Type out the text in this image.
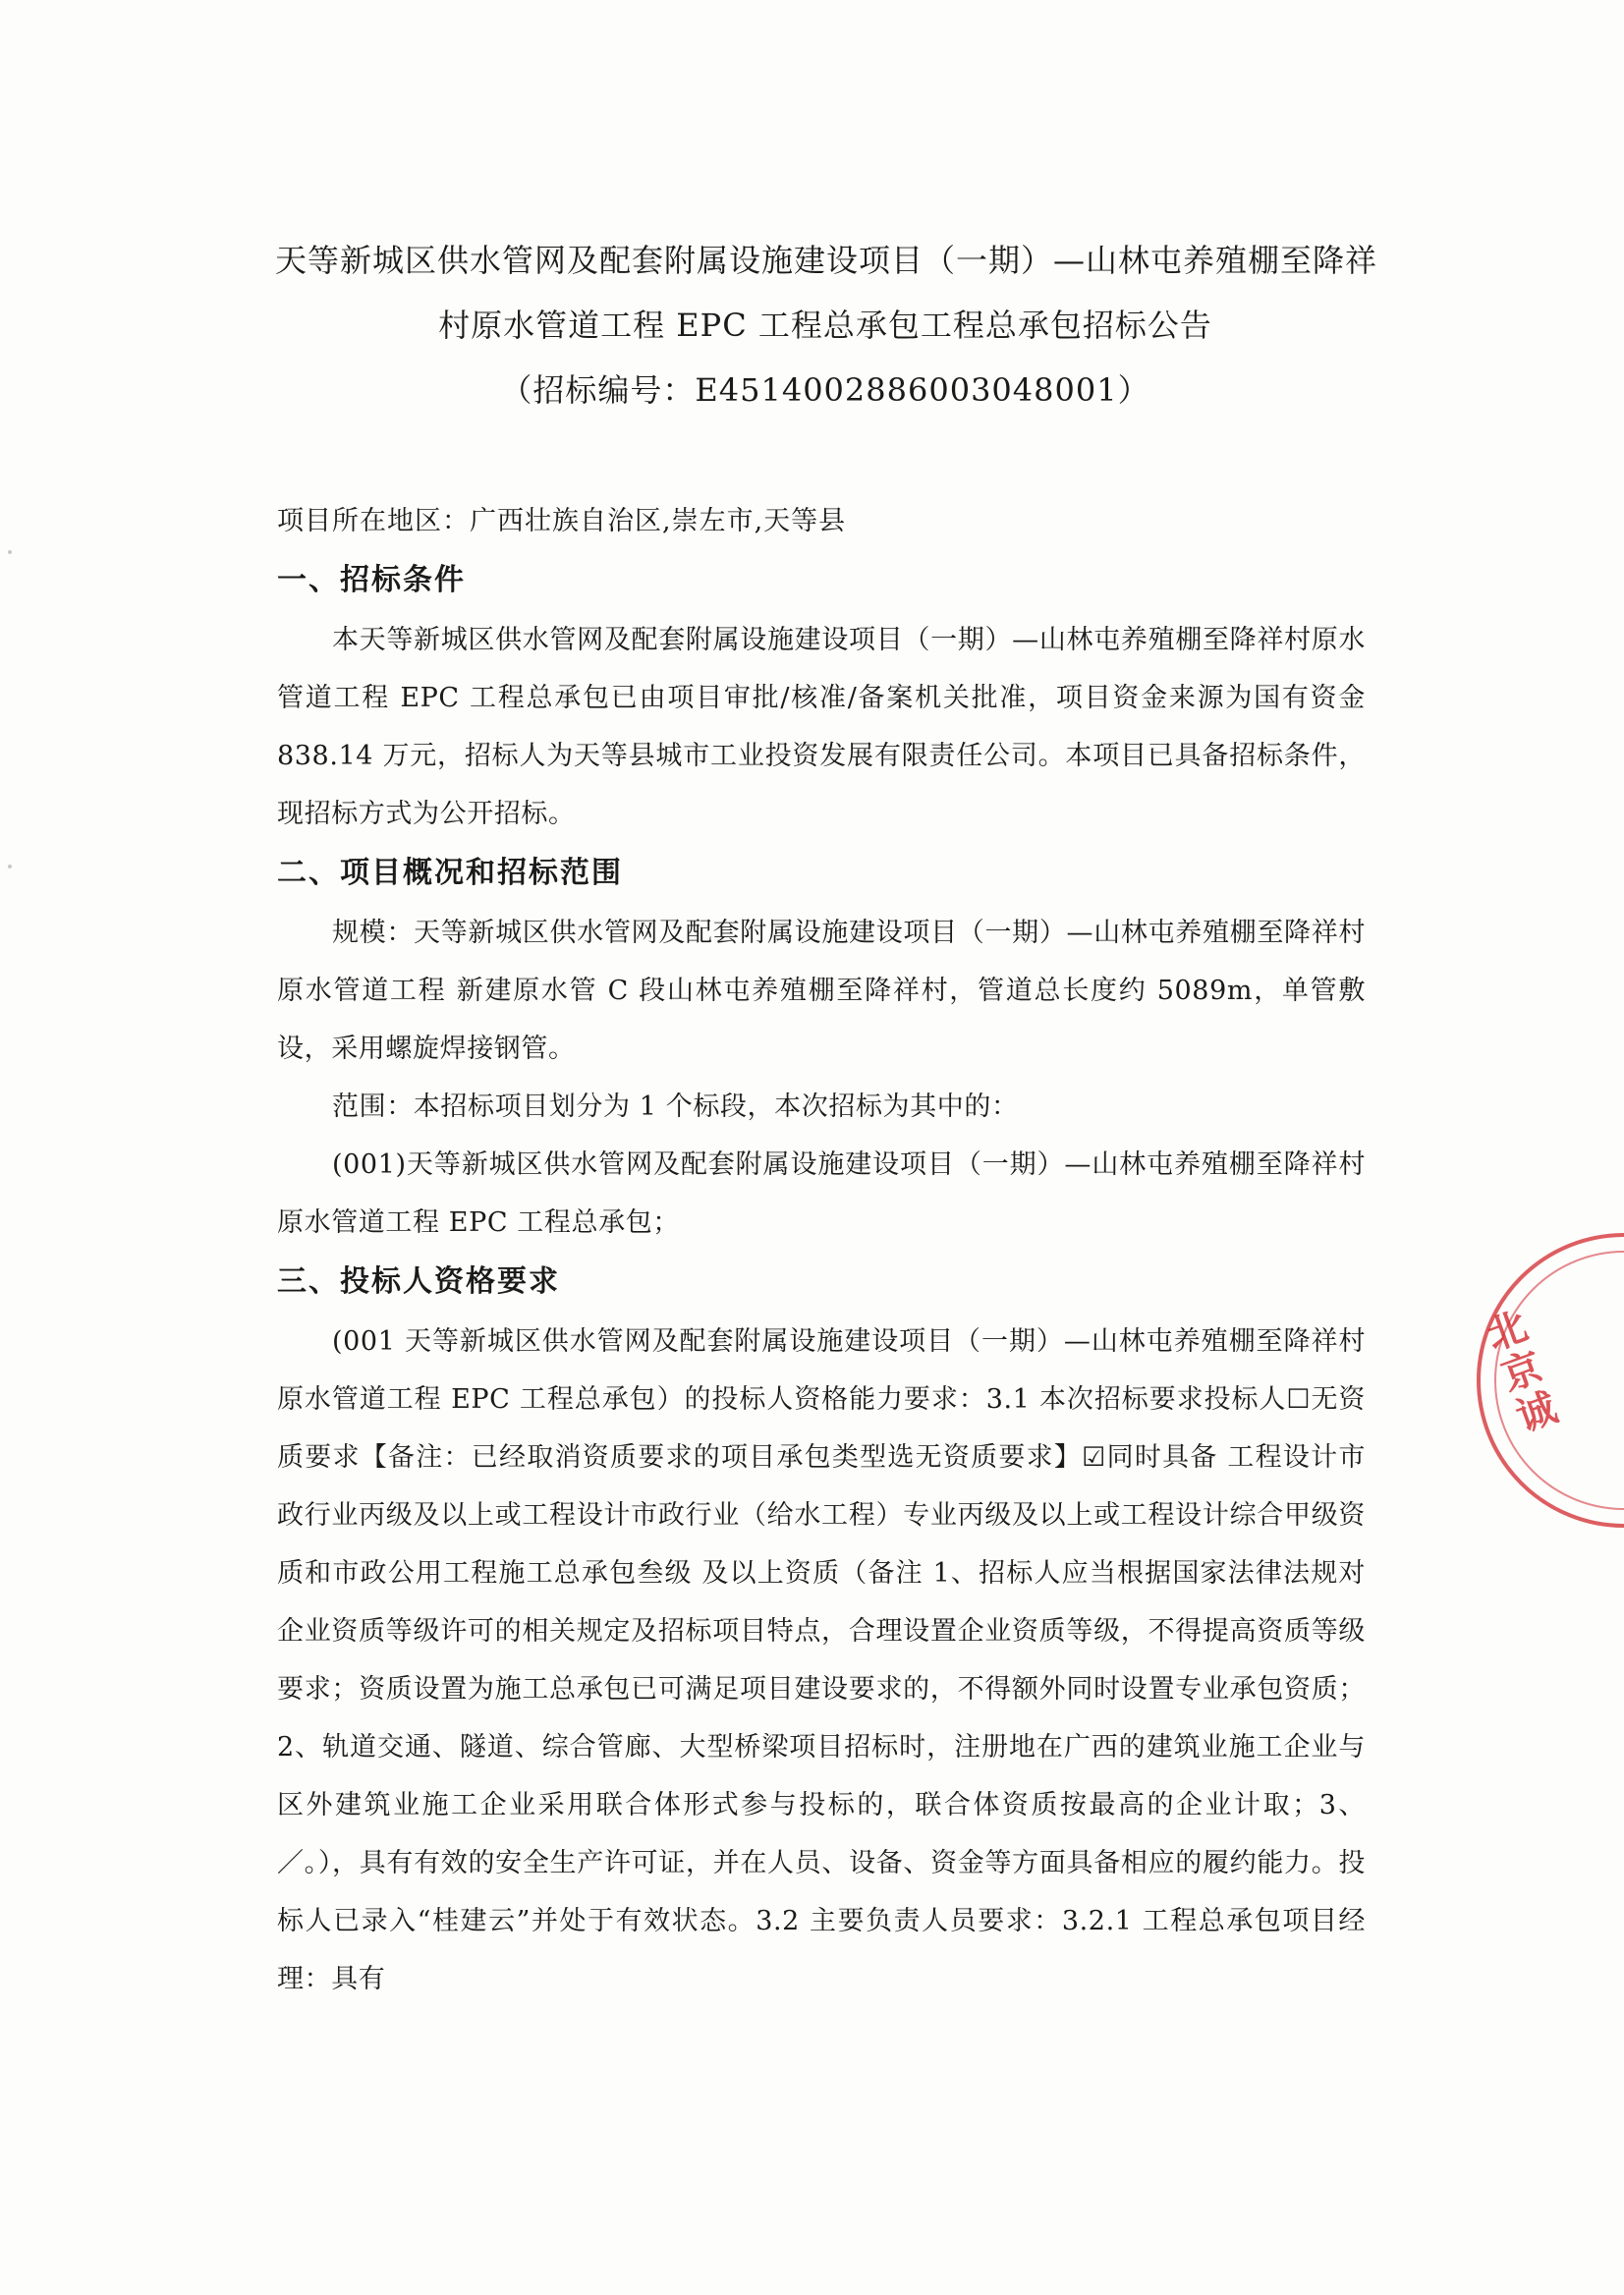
天等新城区供水管网及配套附属设施建设项目（一期）—山林屯养殖棚至降祥
村原水管道工程 EPC 工程总承包工程总承包招标公告
（招标编号：E4514002886003048001）
项目所在地区：广西壮族自治区,崇左市,天等县
一、招标条件

本天等新城区供水管网及配套附属设施建设项目（一期）—山林屯养殖棚至降祥村原水管道工程 EPC 工程总承包已由项目审批/核准/备案机关批准，项目资金来源为国有资金 838.14 万元，招标人为天等县城市工业投资发展有限责任公司。本项目已具备招标条件，现招标方式为公开招标。

二、项目概况和招标范围

规模：天等新城区供水管网及配套附属设施建设项目（一期）—山林屯养殖棚至降祥村原水管道工程 新建原水管 C 段山林屯养殖棚至降祥村，管道总长度约 5089m，单管敷设，采用螺旋焊接钢管。

范围：本招标项目划分为 1 个标段，本次招标为其中的：

(001)天等新城区供水管网及配套附属设施建设项目（一期）—山林屯养殖棚至降祥村原水管道工程 EPC 工程总承包；

三、投标人资格要求

(001 天等新城区供水管网及配套附属设施建设项目（一期）—山林屯养殖棚至降祥村原水管道工程 EPC 工程总承包）的投标人资格能力要求：3.1 本次招标要求投标人☐无资质要求【备注：已经取消资质要求的项目承包类型选无资质要求】☑同时具备 工程设计市政行业丙级及以上或工程设计市政行业（给水工程）专业丙级及以上或工程设计综合甲级资质和市政公用工程施工总承包叁级 及以上资质（备注 1、招标人应当根据国家法律法规对企业资质等级许可的相关规定及招标项目特点，合理设置企业资质等级，不得提高资质等级要求；资质设置为施工总承包已可满足项目建设要求的，不得额外同时设置专业承包资质；2、轨道交通、隧道、综合管廊、大型桥梁项目招标时，注册地在广西的建筑业施工企业与区外建筑业施工企业采用联合体形式参与投标的，联合体资质按最高的企业计取；3、／。），具有有效的安全生产许可证，并在人员、设备、资金等方面具备相应的履约能力。投标人已录入“桂建云”并处于有效状态。3.2 主要负责人员要求：3.2.1 工程总承包项目经理：具有

北京诚
